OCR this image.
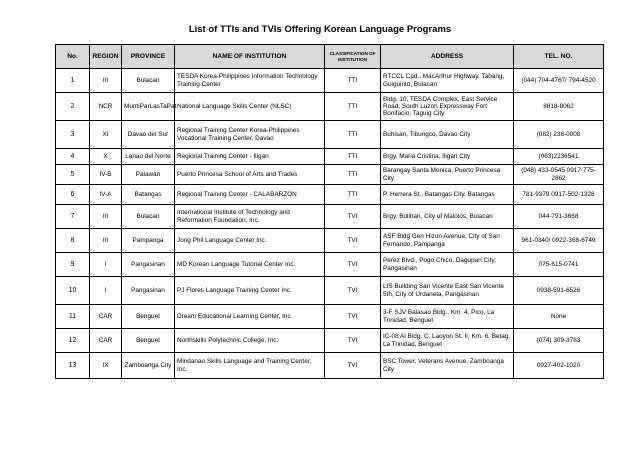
List of TTIs and TVIs Offering Korean Language Programs
No.	REGION	PROVINCE	NAME OF INSTITUTION	CLASSIFICATION OF INSTITUTION	ADDRESS	TEL. NO.
1	III	Bulacan	TESDA Korea-Philippines Information Technology Training Center	TTI	RTCCL Cpd., MacArthur Highway, Tabang, Guiguinto, Bulacan	(044) 704-4767/ 794-4520
2	NCR	MuntiParLasTaPat	National Language Skills Center (NLSC)	TTI	Bldg. 10, TESDA Complex, East Service Road, South Luzon Expressway Fort Bonifacio, Taguig City	8818-8062
3	XI	Davao del Sur	Regional Training Center Korea-Philippines Vocational Training Center, Davao	TTI	Buhisan, Tibungco, Davao City	(082) 238-0008
4	X	Lanao del Norte	Regional Training Center - Iligan	TTI	Brgy. Maria Cristina, Iligan City	(063)2236541
5	IV-B	Palawan	Puerto Princesa School of Arts and Trades	TTI	Barangay Santa Monica, Puerto Princesa City	(048) 433-0545 0917-775-2862
6	IV-A	Batangas	Regional Training Center - CALABARZON	TTI	P. Herrera St., Batangas City, Batangas	781-9379 0917-502-1328
7	III	Bulacan	International Institute of Technology and Reformation Foundation, Inc.	TVI	Brgy. Bulihan, City of Malolos, Bulacan	044-791-3668
8	III	Pampanga	Jong Phil Language Center Inc.	TVI	ASF Bldg Gen Hizon Avenue, City of San Fernando, Pampanga	961-0340/ 0922-368-6749
9	I	Pangasinan	MD Korean Language Tutorial Center Inc.	TVI	Perez Blvd., Pogo Chico, Dagupan City, Pangasinan	075-615-0741
10	I	Pangasinan	PJ Flores Language Training Center Inc.	TVI	LIS Building San Vicente East San Vicente 5th, City of Urdaneta, Pangasinan	0938-591-6526
11	CAR	Benguet	Dream Educational Learning Center, Inc.	TVI	3-F SJV Balasao Bldg., Km. 4, Pico, La Trinidad, Benguet	None
12	CAR	Benguet	Northskills Polytechnic College, Inc.	TVI	IC-08 Al Bldg, C, Laoyon St. II, Km. 6, Betag, La Trinidad, Benguet	(074) 309-3783
13	IX	Zamboanga City	Mindanao Skills Language and Training Center, Inc.	TVI	BSC Tower, Veterans Avenue, Zamboanga City	0927-402-1020
